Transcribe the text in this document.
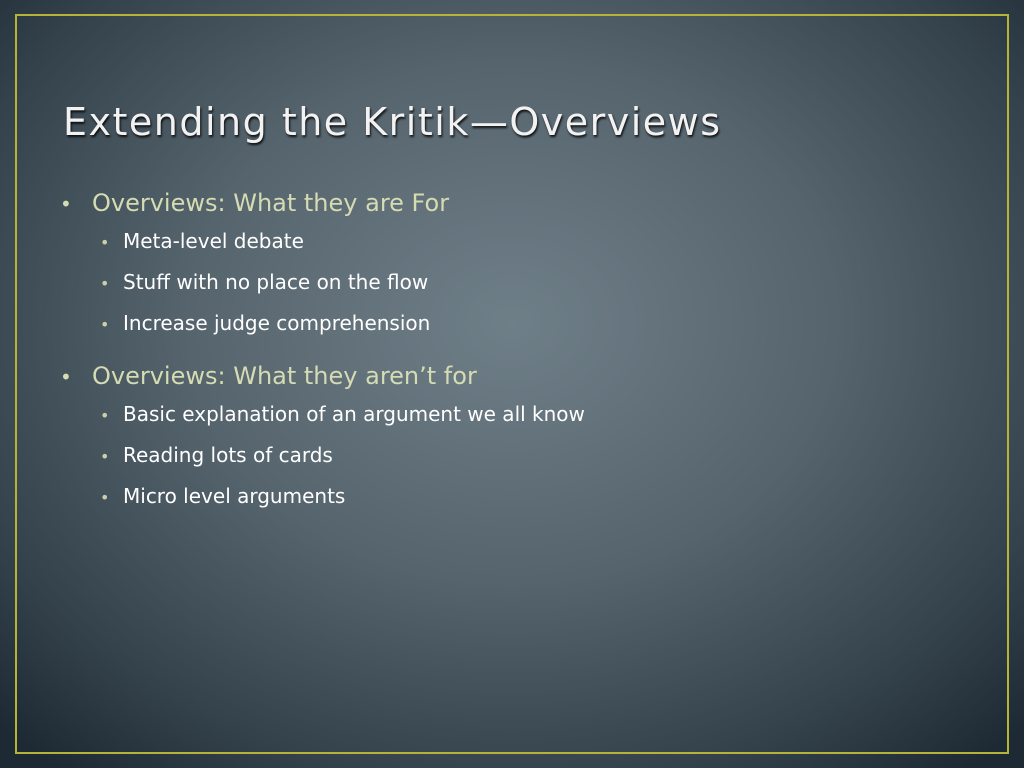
Extending the Kritik—Overviews
• Overviews: What they are For
• Meta-level debate
• Stuff with no place on the flow
• Increase judge comprehension
• Overviews: What they aren’t for
• Basic explanation of an argument we all know
• Reading lots of cards
• Micro level arguments
